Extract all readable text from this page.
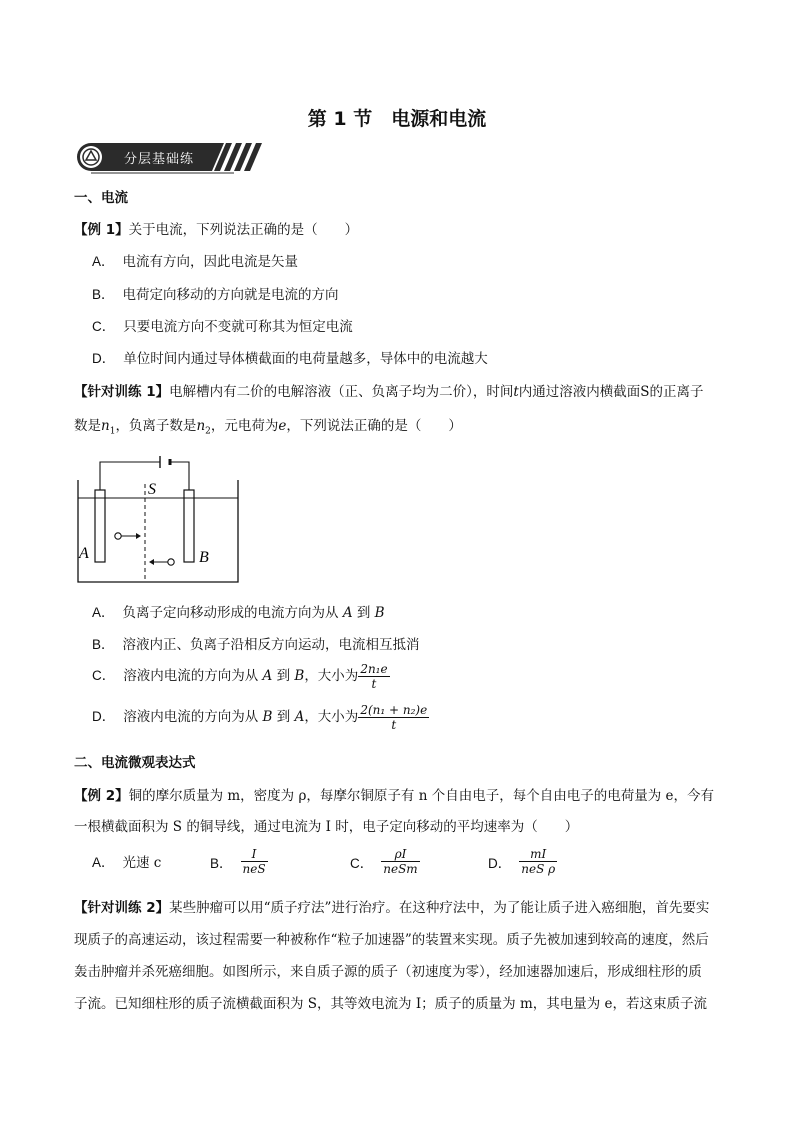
第 1 节　电源和电流
分层基础练
一、电流
【例 1】关于电流，下列说法正确的是（　　）
A． 电流有方向，因此电流是矢量
B． 电荷定向移动的方向就是电流的方向
C． 只要电流方向不变就可称其为恒定电流
D． 单位时间内通过导体横截面的电荷量越多，导体中的电流越大
【针对训练 1】电解槽内有二价的电解溶液（正、负离子均为二价），时间t内通过溶液内横截面S的正离子
数是$n_1$，负离子数是$n_2$，元电荷为e，下列说法正确的是（　　）
S
A	B
A． 负离子定向移动形成的电流方向为从 A 到 B
B． 溶液内正、负离子沿相反方向运动，电流相互抵消
C． 溶液内电流的方向为从 A 到 B，大小为 $\frac{\text{2n₁e}}{t}$
D． 溶液内电流的方向为从 B 到 A，大小为 $\frac{\text{2(n₁ + n₂)e}}{t}$
二、电流微观表达式
【例 2】铜的摩尔质量为 m，密度为 ρ，每摩尔铜原子有 n 个自由电子，每个自由电子的电荷量为 e，今有
一根横截面积为 S 的铜导线，通过电流为 I 时，电子定向移动的平均速率为（　　）
A． 光速 c	B． $\frac{I}{\text{neS}}$	C． $\frac{\rho I}{\text{neSm}}$	D． $\frac{mI}{\text{neS ρ}}$
【针对训练 2】某些肿瘤可以用“质子疗法”进行治疗。在这种疗法中，为了能让质子进入癌细胞，首先要实
现质子的高速运动，该过程需要一种被称作“粒子加速器”的装置来实现。质子先被加速到较高的速度，然后
轰击肿瘤并杀死癌细胞。如图所示，来自质子源的质子（初速度为零），经加速器加速后，形成细柱形的质
子流。已知细柱形的质子流横截面积为 S，其等效电流为 I；质子的质量为 m，其电量为 e，若这束质子流
